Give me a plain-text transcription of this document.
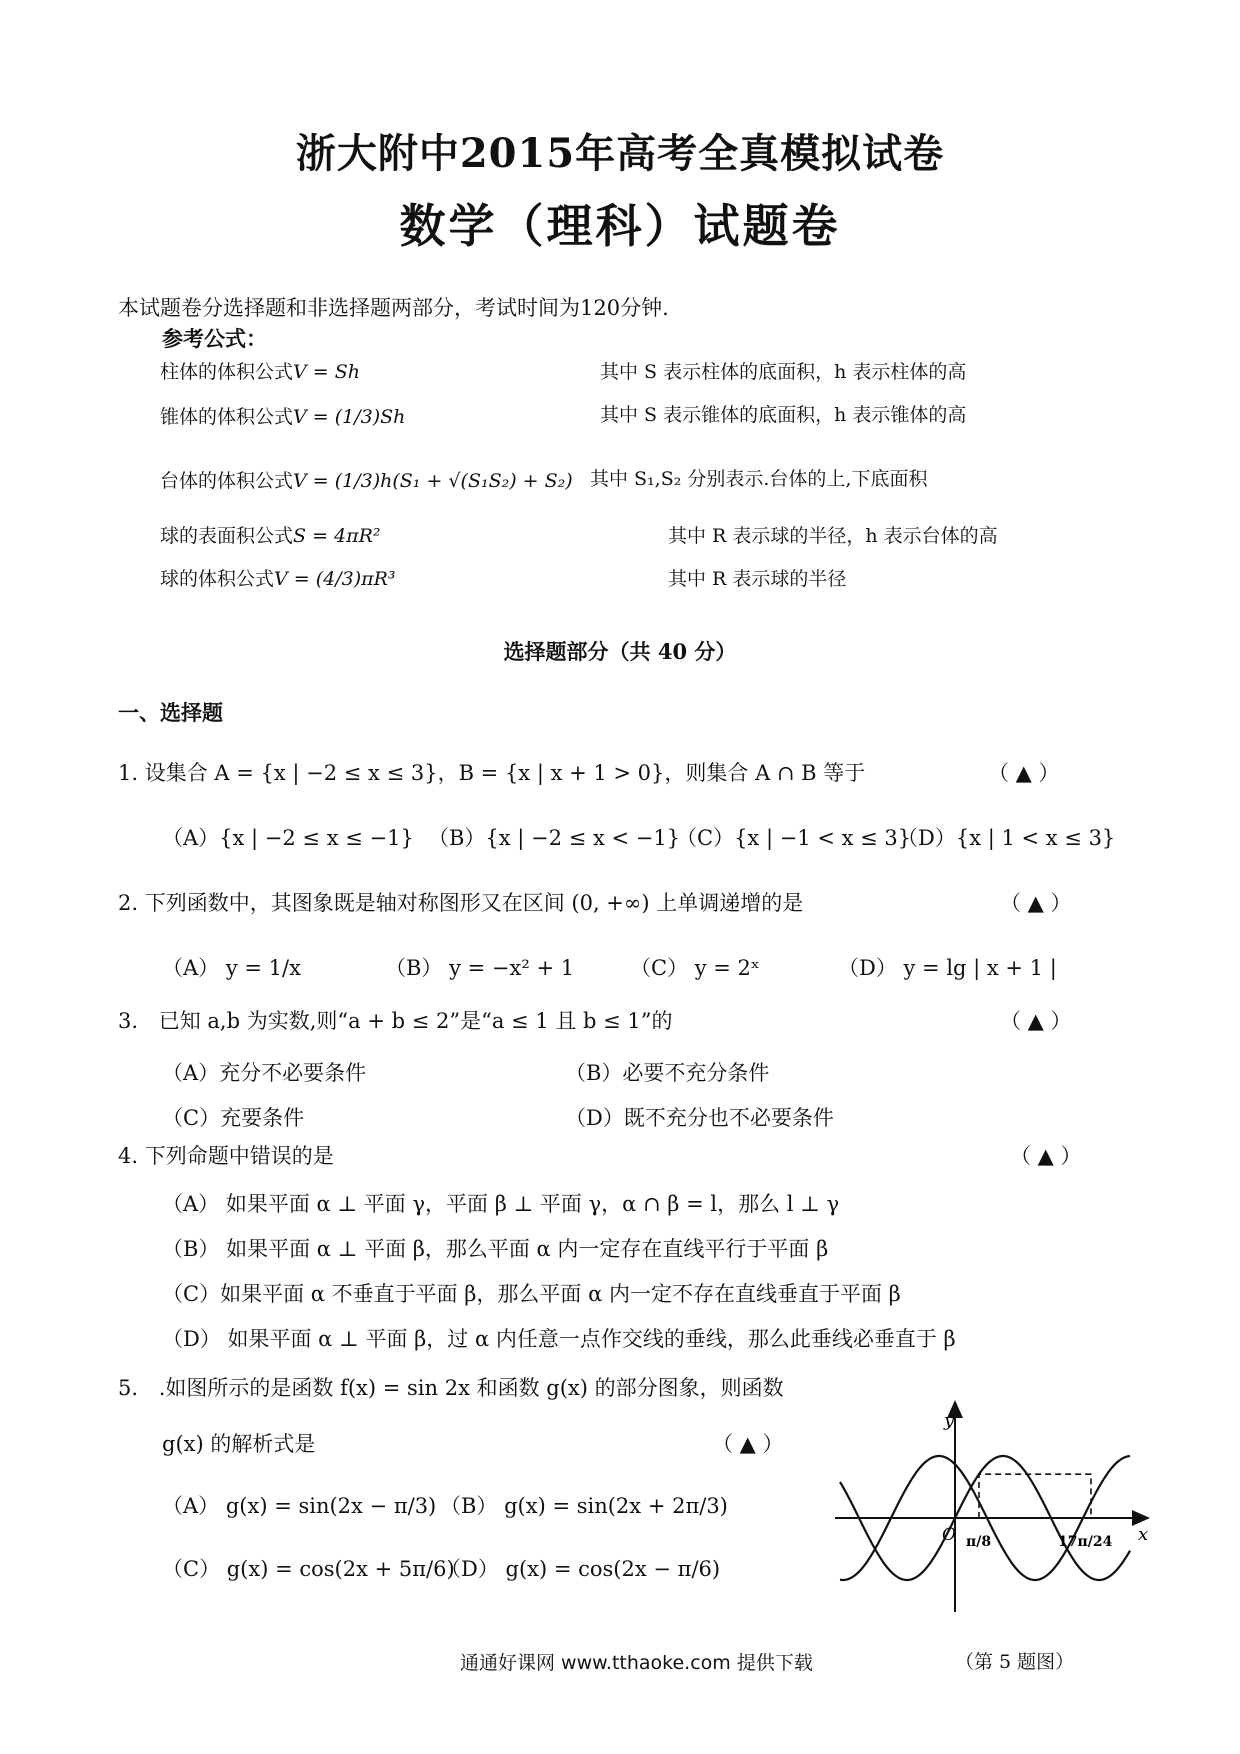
浙大附中2015年高考全真模拟试卷
数学（理科）试题卷
本试题卷分选择题和非选择题两部分，考试时间为120分钟.
参考公式：
柱体的体积公式V = Sh	其中 S 表示柱体的底面积，h 表示柱体的高
锥体的体积公式V = (1/3)Sh	其中 S 表示锥体的底面积，h 表示锥体的高
台体的体积公式V = (1/3)h(S₁ + √(S₁S₂) + S₂) 其中 S₁,S₂ 分别表示.台体的上,下底面积
球的表面积公式S = 4πR²	其中 R 表示球的半径，h 表示台体的高
球的体积公式V = (4/3)πR³	其中 R 表示球的半径
选择题部分（共 40 分）
一、选择题
1. 设集合 A = {x | −2 ≤ x ≤ 3}，B = {x | x + 1 > 0}，则集合 A ∩ B 等于	（ ▲ ）
（A）{x | −2 ≤ x ≤ −1} （B）{x | −2 ≤ x < −1}
（C）{x | −1 < x ≤ 3}
（D）{x | 1 < x ≤ 3}
2. 下列函数中，其图象既是轴对称图形又在区间 (0, +∞) 上单调递增的是	（ ▲ ）
（A） y = 1/x	（B） y = −x² + 1	（C） y = 2ˣ	（D） y = lg | x + 1 |
3. 已知 a,b 为实数,则“a + b ≤ 2”是“a ≤ 1 且 b ≤ 1”的	（ ▲ ）
（A）充分不必要条件	（B）必要不充分条件
（C）充要条件	（D）既不充分也不必要条件
4. 下列命题中错误的是	（ ▲ ）
（A） 如果平面 α ⊥ 平面 γ，平面 β ⊥ 平面 γ，α ∩ β = l，那么 l ⊥ γ
（B） 如果平面 α ⊥ 平面 β，那么平面 α 内一定存在直线平行于平面 β
（C）如果平面 α 不垂直于平面 β，那么平面 α 内一定不存在直线垂直于平面 β
（D） 如果平面 α ⊥ 平面 β，过 α 内任意一点作交线的垂线，那么此垂线必垂直于 β
5. .如图所示的是函数 f(x) = sin 2x 和函数 g(x) 的部分图象，则函数
g(x) 的解析式是	（ ▲ ）
（A） g(x) = sin(2x − π/3) （B） g(x) = sin(2x + 2π/3)
（C） g(x) = cos(2x + 5π/6)
（D） g(x) = cos(2x − π/6)
y
x
O π/8	17π/24
（第 5 题图）
通通好课网 www.tthaoke.com 提供下载
